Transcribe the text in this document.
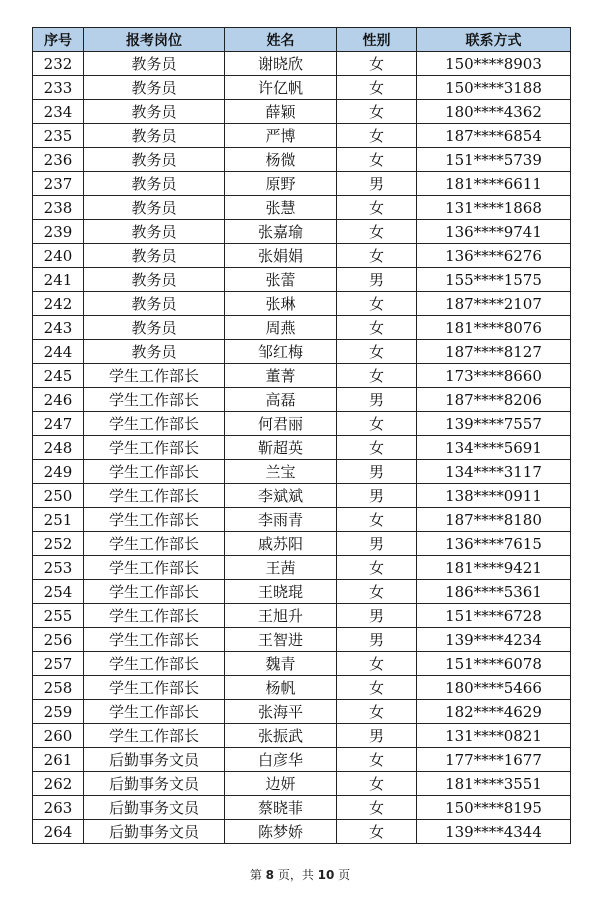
序号	报考岗位	姓名	性别	联系方式
232	教务员	谢晓欣	女	150****8903
233	教务员	许亿帆	女	150****3188
234	教务员	薛颖	女	180****4362
235	教务员	严博	女	187****6854
236	教务员	杨微	女	151****5739
237	教务员	原野	男	181****6611
238	教务员	张慧	女	131****1868
239	教务员	张嘉瑜	女	136****9741
240	教务员	张娟娟	女	136****6276
241	教务员	张蕾	男	155****1575
242	教务员	张琳	女	187****2107
243	教务员	周燕	女	181****8076
244	教务员	邹红梅	女	187****8127
245	学生工作部长	董菁	女	173****8660
246	学生工作部长	高磊	男	187****8206
247	学生工作部长	何君丽	女	139****7557
248	学生工作部长	靳超英	女	134****5691
249	学生工作部长	兰宝	男	134****3117
250	学生工作部长	李斌斌	男	138****0911
251	学生工作部长	李雨青	女	187****8180
252	学生工作部长	戚苏阳	男	136****7615
253	学生工作部长	王茜	女	181****9421
254	学生工作部长	王晓琨	女	186****5361
255	学生工作部长	王旭升	男	151****6728
256	学生工作部长	王智进	男	139****4234
257	学生工作部长	魏青	女	151****6078
258	学生工作部长	杨帆	女	180****5466
259	学生工作部长	张海平	女	182****4629
260	学生工作部长	张振武	男	131****0821
261	后勤事务文员	白彦华	女	177****1677
262	后勤事务文员	边妍	女	181****3551
263	后勤事务文员	蔡晓菲	女	150****8195
264	后勤事务文员	陈梦娇	女	139****4344
第 8 页，共 10 页
